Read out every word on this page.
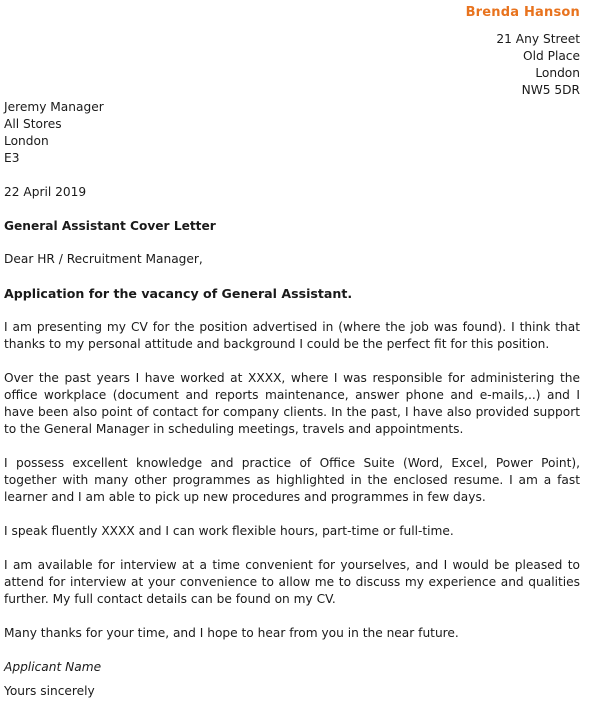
Brenda Hanson
21 Any Street
Old Place
London
NW5 5DR
Jeremy Manager
All Stores
London
E3
22 April 2019
General Assistant Cover Letter
Dear HR / Recruitment Manager,
Application for the vacancy of General Assistant.
I am presenting my CV for the position advertised in (where the job was found). I think that thanks to my personal attitude and background I could be the perfect fit for this position.
Over the past years I have worked at XXXX, where I was responsible for administering the office workplace (document and reports maintenance, answer phone and e-mails,..) and I have been also point of contact for company clients. In the past, I have also provided support to the General Manager in scheduling meetings, travels and appointments.
I possess excellent knowledge and practice of Office Suite (Word, Excel, Power Point), together with many other programmes as highlighted in the enclosed resume. I am a fast learner and I am able to pick up new procedures and programmes in few days.
I speak fluently XXXX and I can work flexible hours, part-time or full-time.
I am available for interview at a time convenient for yourselves, and I would be pleased to attend for interview at your convenience to allow me to discuss my experience and qualities further. My full contact details can be found on my CV.
Many thanks for your time, and I hope to hear from you in the near future.
Applicant Name
Yours sincerely
